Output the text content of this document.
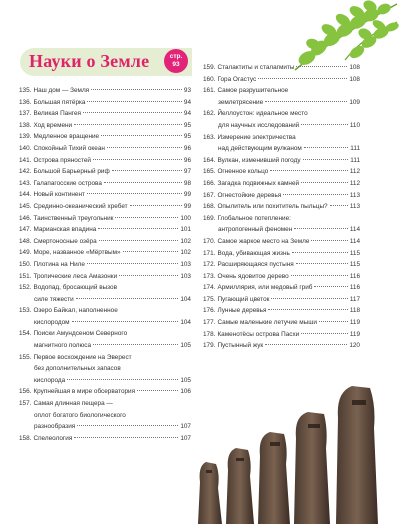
Науки о Земле	стр.
93
135. Наш дом — Земля	93
136. Большая пятёрка	94
137. Великая Пангея	94
138. Ход времени	95
139. Медленное вращение	95
140. Спокойный Тихий океан	96
141. Острова пряностей	96
142. Большой Барьерный риф	97
143. Галапагосские острова	98
144. Новый континент	99
145. Срединно-океанический хребет	99
146. Таинственный треугольник	100
147. Марианская впадина	101
148. Смертоносные озёра	102
149. Море, названное «Мёртвым»	102
150. Плотина на Ниле	103
151. Тропические леса Амазонки	103
152. Водопад, бросающий вызов
силе тяжести	104
153. Озеро Байкал, наполненное
кислородом	104
154. Поиски Амундсеном Северного
магнитного полюса	105
155. Первое восхождение на Эверест
без дополнительных запасов
кислорода	105
156. Крупнейшая в мире обсерватория	106
157. Самая длинная пещера —
оплот богатого биологического
разнообразия	107
158. Спелеология	107
159. Сталактиты и сталагмиты	108
160. Гора Огастус	108
161. Самое разрушительное
землетрясение	109
162. Йеллоустон: идеальное место
для научных исследований	110
163. Измерение электричества
над действующим вулканом	111
164. Вулкан, изменивший погоду	111
165. Огненное кольцо	112
166. Загадка подвижных камней	112
167. Огнестойкие деревья	113
168. Опылитель или похититель пыльцы?	113
169. Глобальное потепление:
антропогенный феномен	114
170. Самое жаркое место на Земле	114
171. Вода, убивающая жизнь	115
172. Расширяющаяся пустыня	115
173. Очень ядовитое дерево	116
174. Армиллярия, или медовый гриб	116
175. Пугающий цветок	117
176. Лунные деревья	118
177. Самые маленькие летучие мыши	119
178. Каменотёсы острова Пасхи	119
179. Пустынный жук	120
